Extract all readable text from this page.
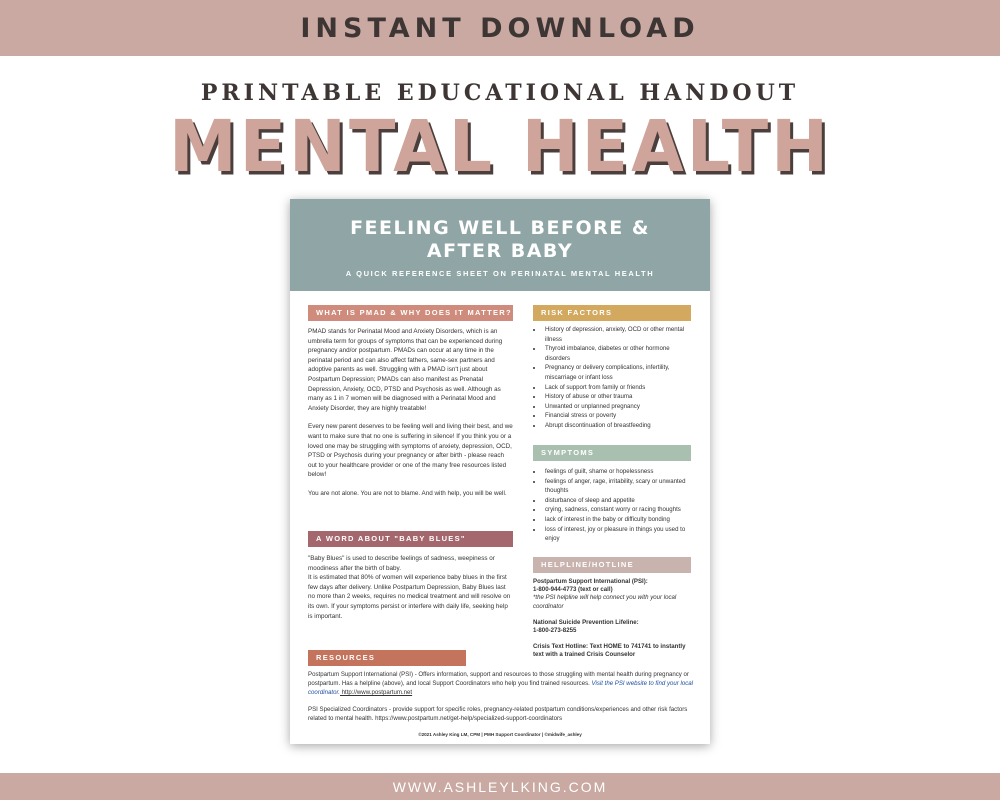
INSTANT DOWNLOAD
PRINTABLE EDUCATIONAL HANDOUT
MENTAL HEALTH
FEELING WELL BEFORE &
AFTER BABY
A QUICK REFERENCE SHEET ON PERINATAL MENTAL HEALTH
WHAT IS PMAD & WHY DOES IT MATTER?

PMAD stands for Perinatal Mood and Anxiety Disorders, which is an umbrella term for groups of symptoms that can be experienced during pregnancy and/or postpartum. PMADs can occur at any time in the perinatal period and can also affect fathers, same-sex partners and adoptive parents as well. Struggling with a PMAD isn't just about Postpartum Depression; PMADs can also manifest as Prenatal Depression, Anxiety, OCD, PTSD and Psychosis as well. Although as many as 1 in 7 women will be diagnosed with a Perinatal Mood and Anxiety Disorder, they are highly treatable!

Every new parent deserves to be feeling well and living their best, and we want to make sure that no one is suffering in silence! If you think you or a loved one may be struggling with symptoms of anxiety, depression, OCD, PTSD or Psychosis during your pregnancy or after birth - please reach out to your healthcare provider or one of the many free resources listed below!

You are not alone. You are not to blame. And with help, you will be well.

A WORD ABOUT "BABY BLUES"
"Baby Blues" is used to describe feelings of sadness, weepiness or moodiness after the birth of baby.
It is estimated that 80% of women will experience baby blues in the first few days after delivery. Unlike Postpartum Depression, Baby Blues last no more than 2 weeks, requires no medical treatment and will resolve on its own. If your symptoms persist or interfere with daily life, seeking help is important.
RISK FACTORS
• History of depression, anxiety, OCD or other mental illness
• Thyroid imbalance, diabetes or other hormone disorders
• Pregnancy or delivery complications, infertility, miscarriage or infant loss
• Lack of support from family or friends
• History of abuse or other trauma
• Unwanted or unplanned pregnancy
• Financial stress or poverty
• Abrupt discontinuation of breastfeeding
SYMPTOMS
• feelings of guilt, shame or hopelessness
• feelings of anger, rage, irritability, scary or unwanted thoughts
• disturbance of sleep and appetite
• crying, sadness, constant worry or racing thoughts
• lack of interest in the baby or difficulty bonding
• loss of interest, joy or pleasure in things you used to enjoy
HELPLINE/HOTLINE
Postpartum Support International (PSI):
1-800-944-4773 (text or call)
*the PSI helpline will help connect you with your local coordinator
National Suicide Prevention Lifeline:
1-800-273-8255
Crisis Text Hotline: Text HOME to 741741 to instantly text with a trained Crisis Counselor
RESOURCES
Postpartum Support International (PSI) - Offers information, support and resources to those struggling with mental health during pregnancy or postpartum. Has a helpline (above), and local Support Coordinators who help you find trained resources. Visit the PSI website to find your local coordinator. http://www.postpartum.net
PSI Specialized Coordinators - provide support for specific roles, pregnancy-related postpartum conditions/experiences and other risk factors related to mental health. https://www.postpartum.net/get-help/specialized-support-coordinators
©2021 Ashley King LM, CPM | PMH Support Coordinator | ©midwife_ashley
WWW.ASHLEYLKING.COM
